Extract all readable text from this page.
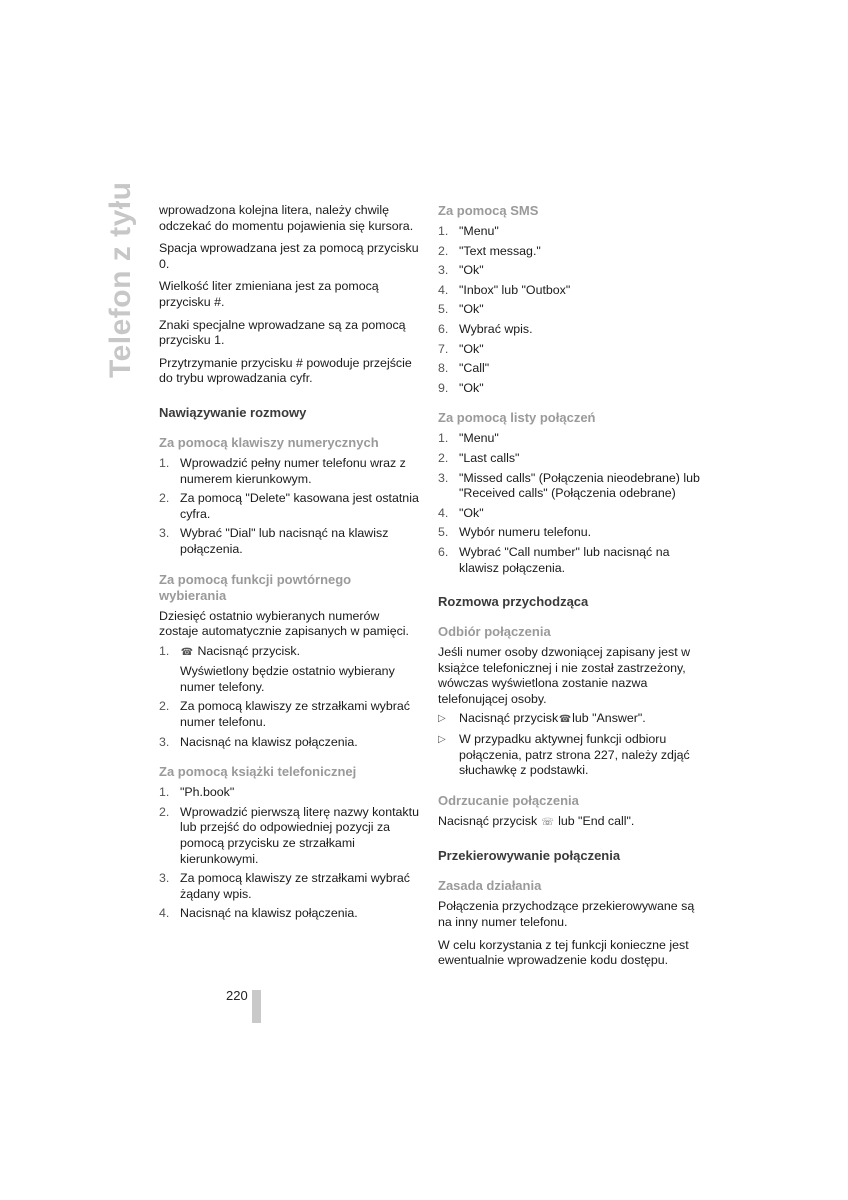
Telefon z tyłu wprowadzona kolejna litera, należy chwilę odczekać do momentu pojawienia się kursora.

Spacja wprowadzana jest za pomocą przycisku 0.

Wielkość liter zmieniana jest za pomocą przycisku #.

Znaki specjalne wprowadzane są za pomocą przycisku 1.

Przytrzymanie przycisku # powoduje przejście do trybu wprowadzania cyfr.

Nawiązywanie rozmowy
Za pomocą klawiszy numerycznych
1. Wprowadzić pełny numer telefonu wraz z numerem kierunkowym.
2. Za pomocą "Delete" kasowana jest ostatnia cyfra.
3. Wybrać "Dial" lub nacisnąć na klawisz połączenia.
Za pomocą funkcji powtórnego wybierania

Dziesięć ostatnio wybieranych numerów zostaje automatycznie zapisanych w pamięci.

1.	☎ Nacisnąć przycisk.

Wyświetlony będzie ostatnio wybierany numer telefony.

2. Za pomocą klawiszy ze strzałkami wybrać numer telefonu.
3. Nacisnąć na klawisz połączenia.
Za pomocą książki telefonicznej
1. "Ph.book"
2. Wprowadzić pierwszą literę nazwy kontaktu lub przejść do odpowiedniej pozycji za pomocą przycisku ze strzałkami kierunkowymi.
3. Za pomocą klawiszy ze strzałkami wybrać żądany wpis.
4. Nacisnąć na klawisz połączenia.
Za pomocą SMS
1. "Menu"
2. "Text messag."
3. "Ok"
4. "Inbox" lub "Outbox"
5. "Ok"
6. Wybrać wpis.
7. "Ok"
8. "Call"
9. "Ok"
Za pomocą listy połączeń
1. "Menu"
2. "Last calls"
3. "Missed calls" (Połączenia nieodebrane) lub "Received calls" (Połączenia odebrane)
4. "Ok"
5. Wybór numeru telefonu.
6. Wybrać "Call number" lub nacisnąć na klawisz połączenia.
Rozmowa przychodząca
Odbiór połączenia

Jeśli numer osoby dzwoniącej zapisany jest w książce telefonicznej i nie został zastrzeżony, wówczas wyświetlona zostanie nazwa telefonującej osoby.

▷	Nacisnąć przycisk☎lub "Answer".
▷	W przypadku aktywnej funkcji odbioru połączenia, patrz strona 227, należy zdjąć słuchawkę z podstawki.
Odrzucanie połączenia

Nacisnąć przycisk ☏ lub "End call".

Przekierowywanie połączenia
Zasada działania

Połączenia przychodzące przekierowywane są na inny numer telefonu.

W celu korzystania z tej funkcji konieczne jest ewentualnie wprowadzenie kodu dostępu.

220
